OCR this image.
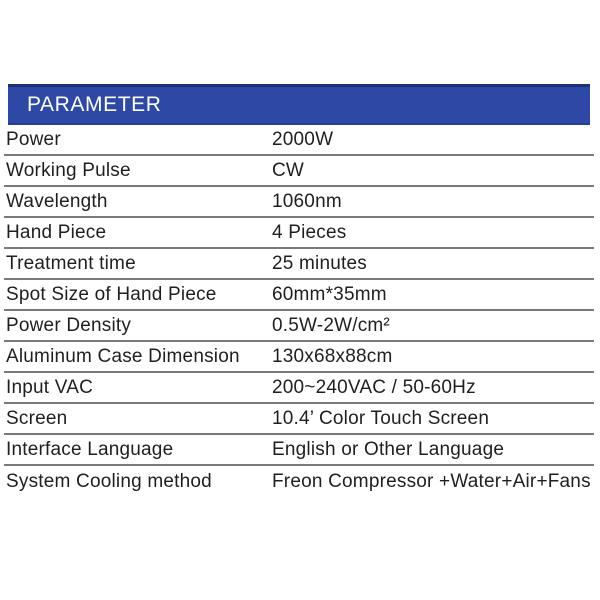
PARAMETER
Power	2000W
Working Pulse	CW
Wavelength	1060nm
Hand Piece	4 Pieces
Treatment time	25 minutes
Spot Size of Hand Piece	60mm*35mm
Power Density	0.5W-2W/cm²
Aluminum Case Dimension	130x68x88cm
Input VAC	200~240VAC / 50-60Hz
Screen	10.4’ Color Touch Screen
Interface Language	English or Other Language
System Cooling method	Freon Compressor +Water+Air+Fans
